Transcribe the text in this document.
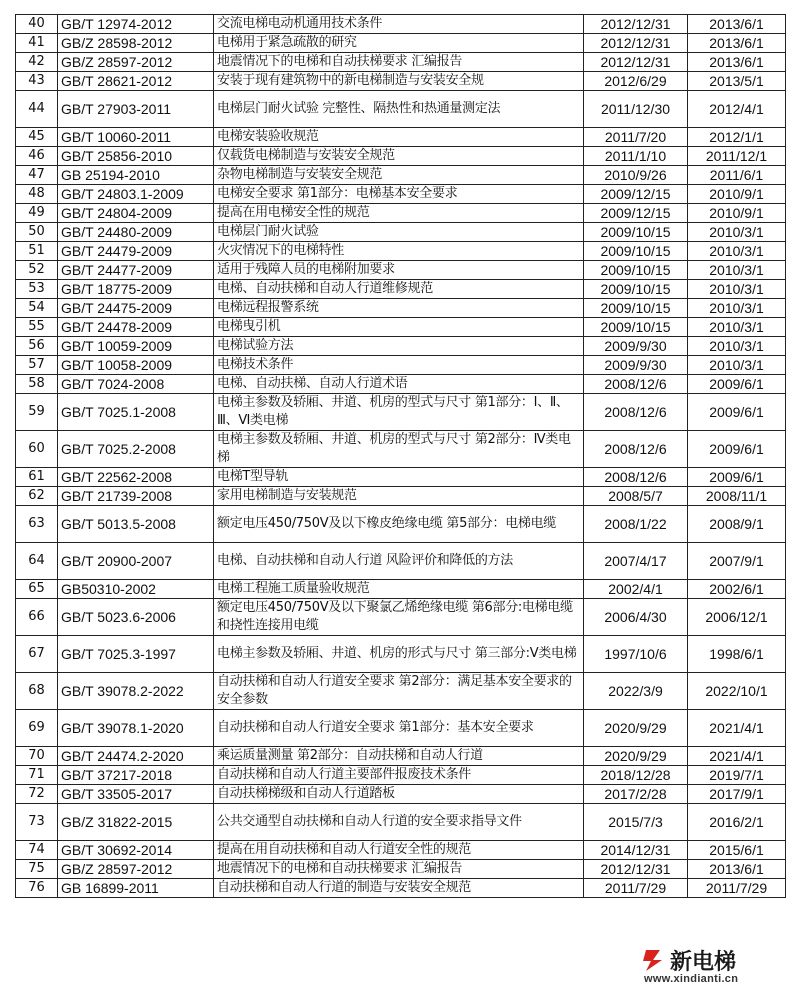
40	GB/T 12974-2012	交流电梯电动机通用技术条件	2012/12/31	2013/6/1
41	GB/Z 28598-2012	电梯用于紧急疏散的研究	2012/12/31	2013/6/1
42	GB/Z 28597-2012	地震情况下的电梯和自动扶梯要求 汇编报告	2012/12/31	2013/6/1
43	GB/T 28621-2012	安装于现有建筑物中的新电梯制造与安装安全规	2012/6/29	2013/5/1
44	GB/T 27903-2011	电梯层门耐火试验 完整性、隔热性和热通量测定法	2011/12/30	2012/4/1
45	GB/T 10060-2011	电梯安装验收规范	2011/7/20	2012/1/1
46	GB/T 25856-2010	仅载货电梯制造与安装安全规范	2011/1/10	2011/12/1
47	GB 25194-2010	杂物电梯制造与安装安全规范	2010/9/26	2011/6/1
48	GB/T 24803.1-2009	电梯安全要求 第1部分：电梯基本安全要求	2009/12/15	2010/9/1
49	GB/T 24804-2009	提高在用电梯安全性的规范	2009/12/15	2010/9/1
50	GB/T 24480-2009	电梯层门耐火试验	2009/10/15	2010/3/1
51	GB/T 24479-2009	火灾情况下的电梯特性	2009/10/15	2010/3/1
52	GB/T 24477-2009	适用于残障人员的电梯附加要求	2009/10/15	2010/3/1
53	GB/T 18775-2009	电梯、自动扶梯和自动人行道维修规范	2009/10/15	2010/3/1
54	GB/T 24475-2009	电梯远程报警系统	2009/10/15	2010/3/1
55	GB/T 24478-2009	电梯曳引机	2009/10/15	2010/3/1
56	GB/T 10059-2009	电梯试验方法	2009/9/30	2010/3/1
57	GB/T 10058-2009	电梯技术条件	2009/9/30	2010/3/1
58	GB/T 7024-2008	电梯、自动扶梯、自动人行道术语	2008/12/6	2009/6/1
59	GB/T 7025.1-2008	电梯主参数及轿厢、井道、机房的型式与尺寸 第1部分：Ⅰ、Ⅱ、Ⅲ、Ⅵ类电梯	2008/12/6	2009/6/1
60	GB/T 7025.2-2008	电梯主参数及轿厢、井道、机房的型式与尺寸 第2部分：Ⅳ类电梯	2008/12/6	2009/6/1
61	GB/T 22562-2008	电梯T型导轨	2008/12/6	2009/6/1
62	GB/T 21739-2008	家用电梯制造与安装规范	2008/5/7	2008/11/1
63	GB/T 5013.5-2008	额定电压450/750V及以下橡皮绝缘电缆 第5部分：电梯电缆	2008/1/22	2008/9/1
64	GB/T 20900-2007	电梯、自动扶梯和自动人行道 风险评价和降低的方法	2007/4/17	2007/9/1
65	GB50310-2002	电梯工程施工质量验收规范	2002/4/1	2002/6/1
66	GB/T 5023.6-2006	额定电压450/750V及以下聚氯乙烯绝缘电缆 第6部分:电梯电缆和挠性连接用电缆	2006/4/30	2006/12/1
67	GB/T 7025.3-1997	电梯主参数及轿厢、井道、机房的形式与尺寸 第三部分:Ⅴ类电梯	1997/10/6	1998/6/1
68	GB/T 39078.2-2022	自动扶梯和自动人行道安全要求 第2部分：满足基本安全要求的安全参数	2022/3/9	2022/10/1
69	GB/T 39078.1-2020	自动扶梯和自动人行道安全要求 第1部分：基本安全要求	2020/9/29	2021/4/1
70	GB/T 24474.2-2020	乘运质量测量 第2部分：自动扶梯和自动人行道	2020/9/29	2021/4/1
71	GB/T 37217-2018	自动扶梯和自动人行道主要部件报废技术条件	2018/12/28	2019/7/1
72	GB/T 33505-2017	自动扶梯梯级和自动人行道踏板	2017/2/28	2017/9/1
73	GB/Z 31822-2015	公共交通型自动扶梯和自动人行道的安全要求指导文件	2015/7/3	2016/2/1
74	GB/T 30692-2014	提高在用自动扶梯和自动人行道安全性的规范	2014/12/31	2015/6/1
75	GB/Z 28597-2012	地震情况下的电梯和自动扶梯要求 汇编报告	2012/12/31	2013/6/1
76	GB 16899-2011	自动扶梯和自动人行道的制造与安装安全规范	2011/7/29	2011/7/29
新电梯
www.xindianti.cn
